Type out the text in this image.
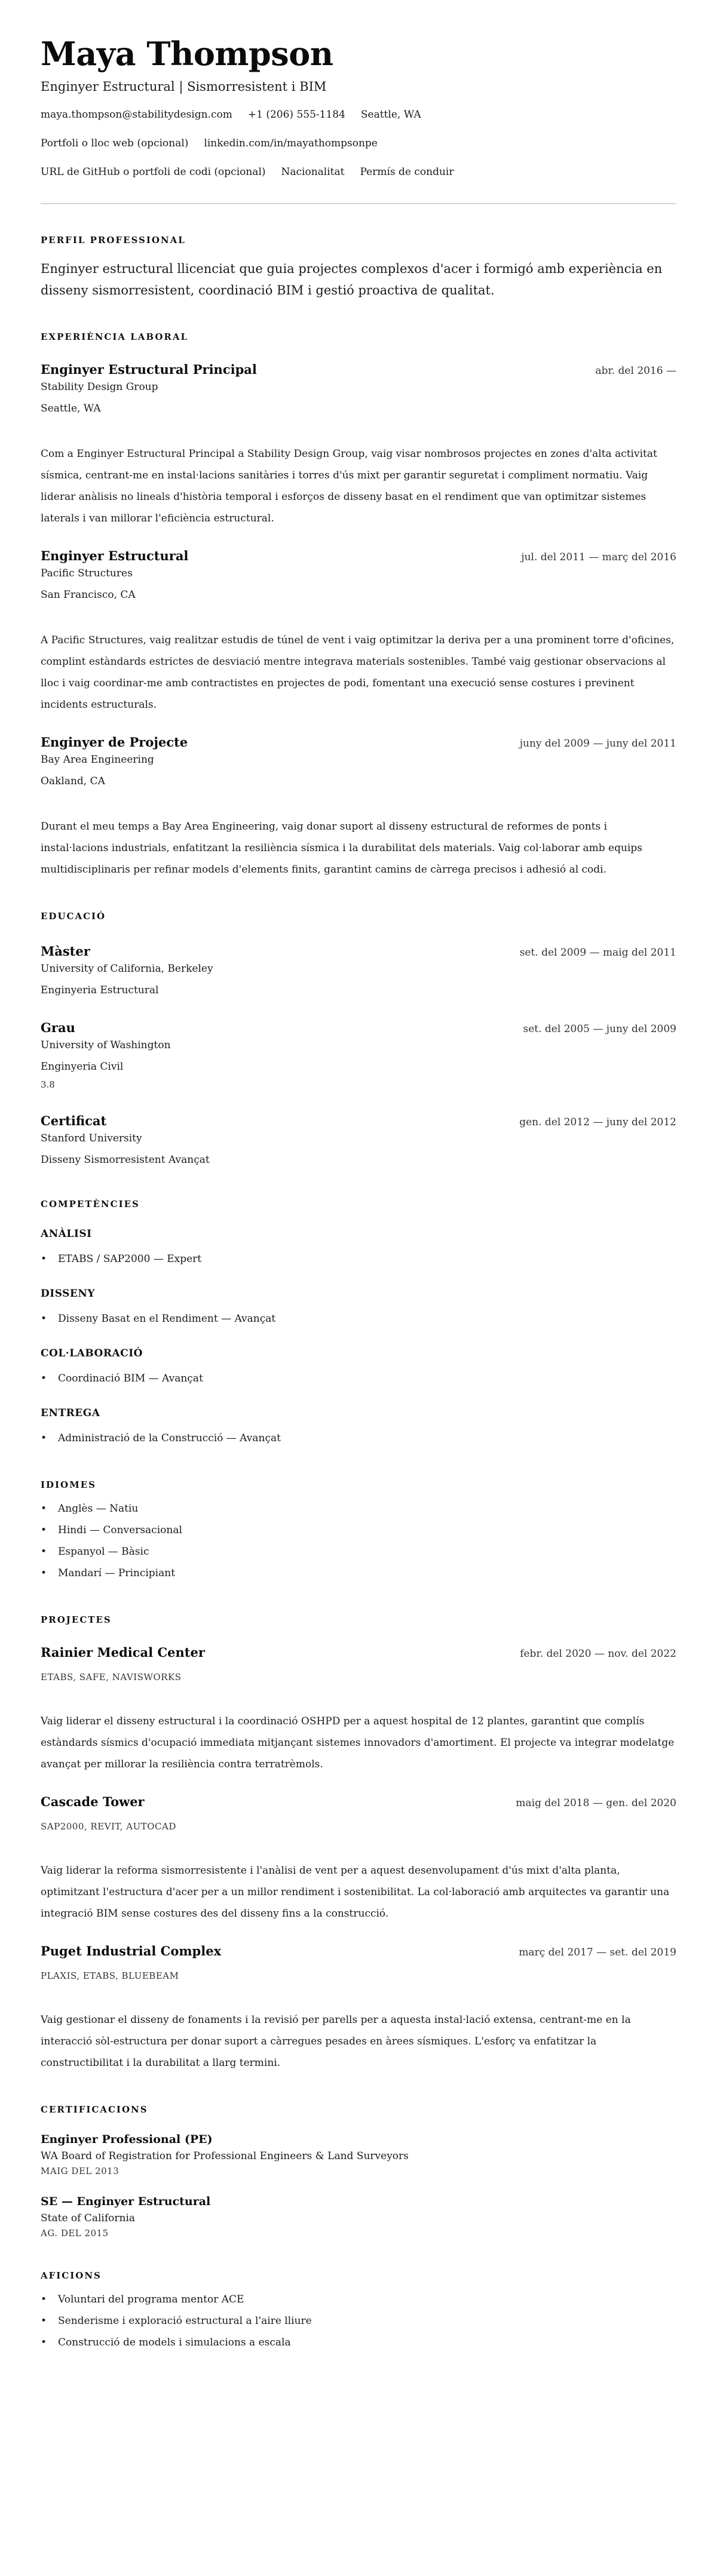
Maya Thompson
Enginyer Estructural | Sismorresistent i BIM
maya.thompson@stabilitydesign.com +1 (206) 555-1184 Seattle, WA
Portfoli o lloc web (opcional) linkedin.com/in/mayathompsonpe
URL de GitHub o portfoli de codi (opcional) Nacionalitat Permís de conduir
PERFIL PROFESSIONAL

Enginyer estructural llicenciat que guia projectes complexos d'acer i formigó amb experiència en disseny sismorresistent, coordinació BIM i gestió proactiva de qualitat.

EXPERIÈNCIA LABORAL
Enginyer Estructural Principal	abr. del 2016 —
Stability Design Group
Seattle, WA

Com a Enginyer Estructural Principal a Stability Design Group, vaig visar nombrosos projectes en zones d'alta activitat sísmica, centrant-me en instal·lacions sanitàries i torres d'ús mixt per garantir seguretat i compliment normatiu. Vaig liderar anàlisis no lineals d'història temporal i esforços de disseny basat en el rendiment que van optimitzar sistemes laterals i van millorar l'eficiència estructural.

Enginyer Estructural	jul. del 2011 — març del 2016
Pacific Structures
San Francisco, CA

A Pacific Structures, vaig realitzar estudis de túnel de vent i vaig optimitzar la deriva per a una prominent torre d'oficines, complint estàndards estrictes de desviació mentre integrava materials sostenibles. També vaig gestionar observacions al lloc i vaig coordinar-me amb contractistes en projectes de podi, fomentant una execució sense costures i previnent incidents estructurals.

Enginyer de Projecte	juny del 2009 — juny del 2011
Bay Area Engineering
Oakland, CA

Durant el meu temps a Bay Area Engineering, vaig donar suport al disseny estructural de reformes de ponts i instal·lacions industrials, enfatitzant la resiliència sísmica i la durabilitat dels materials. Vaig col·laborar amb equips multidisciplinaris per refinar models d'elements finits, garantint camins de càrrega precisos i adhesió al codi.

EDUCACIÓ
Màster	set. del 2009 — maig del 2011
University of California, Berkeley
Enginyeria Estructural
Grau	set. del 2005 — juny del 2009
University of Washington
Enginyeria Civil
3.8
Certificat	gen. del 2012 — juny del 2012
Stanford University
Disseny Sismorresistent Avançat
COMPETÈNCIES
ANÀLISI
•	ETABS / SAP2000 — Expert
DISSENY
•	Disseny Basat en el Rendiment — Avançat
COL·LABORACIÓ
•	Coordinació BIM — Avançat
ENTREGA
•	Administració de la Construcció — Avançat
IDIOMES
•	Anglès — Natiu
•	Hindi — Conversacional
•	Espanyol — Bàsic
•	Mandarí — Principiant
PROJECTES
Rainier Medical Center	febr. del 2020 — nov. del 2022
ETABS, SAFE, NAVISWORKS

Vaig liderar el disseny estructural i la coordinació OSHPD per a aquest hospital de 12 plantes, garantint que complís estàndards sísmics d'ocupació immediata mitjançant sistemes innovadors d'amortiment. El projecte va integrar modelatge avançat per millorar la resiliència contra terratrèmols.

Cascade Tower	maig del 2018 — gen. del 2020
SAP2000, REVIT, AUTOCAD

Vaig liderar la reforma sismorresistente i l'anàlisi de vent per a aquest desenvolupament d'ús mixt d'alta planta, optimitzant l'estructura d'acer per a un millor rendiment i sostenibilitat. La col·laboració amb arquitectes va garantir una integració BIM sense costures des del disseny fins a la construcció.

Puget Industrial Complex	març del 2017 — set. del 2019
PLAXIS, ETABS, BLUEBEAM

Vaig gestionar el disseny de fonaments i la revisió per parells per a aquesta instal·lació extensa, centrant-me en la interacció sòl-estructura per donar suport a càrregues pesades en àrees sísmiques. L'esforç va enfatitzar la constructibilitat i la durabilitat a llarg termini.

CERTIFICACIONS
Enginyer Professional (PE)
WA Board of Registration for Professional Engineers & Land Surveyors
MAIG DEL 2013
SE — Enginyer Estructural
State of California
AG. DEL 2015
AFICIONS
•	Voluntari del programa mentor ACE
•	Senderisme i exploració estructural a l'aire lliure
•	Construcció de models i simulacions a escala
